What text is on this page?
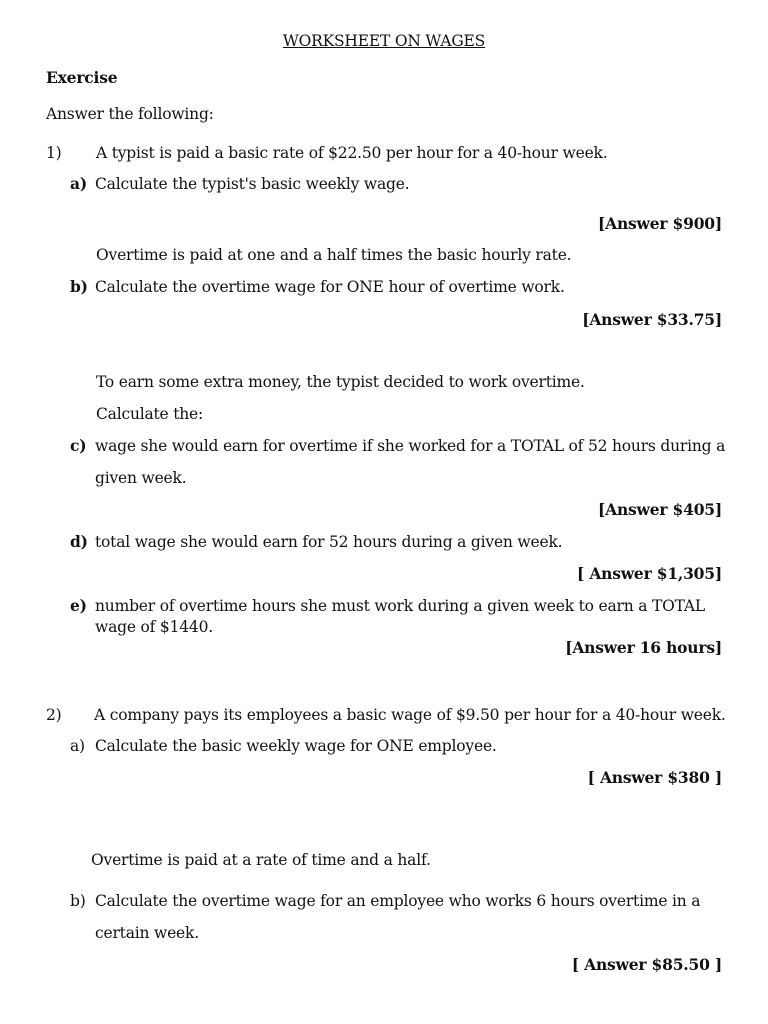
WORKSHEET ON WAGES
Exercise
Answer the following:
1) A typist is paid a basic rate of $22.50 per hour for a 40-hour week.
a) Calculate the typist's basic weekly wage.
[Answer $900]
Overtime is paid at one and a half times the basic hourly rate.
b) Calculate the overtime wage for ONE hour of overtime work.
[Answer $33.75]
To earn some extra money, the typist decided to work overtime.
Calculate the:
c) wage she would earn for overtime if she worked for a TOTAL of 52 hours during a
given week.
[Answer $405]
d) total wage she would earn for 52 hours during a given week.
[ Answer $1,305]
e) number of overtime hours she must work during a given week to earn a TOTAL
wage of $1440.
[Answer 16 hours]
2) A company pays its employees a basic wage of $9.50 per hour for a 40-hour week.
a) Calculate the basic weekly wage for ONE employee.
[ Answer $380 ]
Overtime is paid at a rate of time and a half.
b) Calculate the overtime wage for an employee who works 6 hours overtime in a
certain week.
[ Answer $85.50 ]
